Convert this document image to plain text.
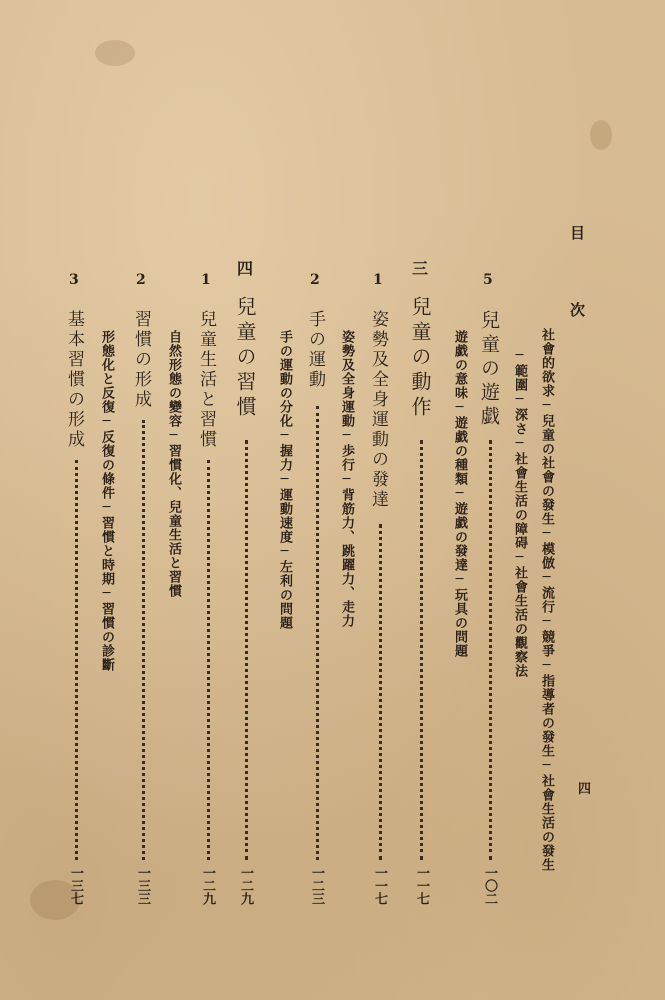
目 次
四
社會的欲求─兒童の社會の發生─模倣─流行─競爭─指導者の發生─社會生活の發生
─範圍─深さ─社會生活の障碍─社會生活の觀察法
5
兒童の遊戯
一〇二
遊戯の意味─遊戯の種類─遊戯の發達─玩具の問題
三
兒童の動作
一一七
1
姿勢及全身運動の發達
一一七
姿勢及全身運動─歩行─背筋力、跳躍力、走力
2
手の運動
一二三
手の運動の分化─握力─運動速度─左利の問題
四
兒童の習慣
一二九
1
兒童生活と習慣
一二九
自然形態の變容─習慣化、兒童生活と習慣
2
習慣の形成
一三三
形態化と反復─反復の條件─習慣と時期─習慣の診斷
3
基本習慣の形成
一三七
